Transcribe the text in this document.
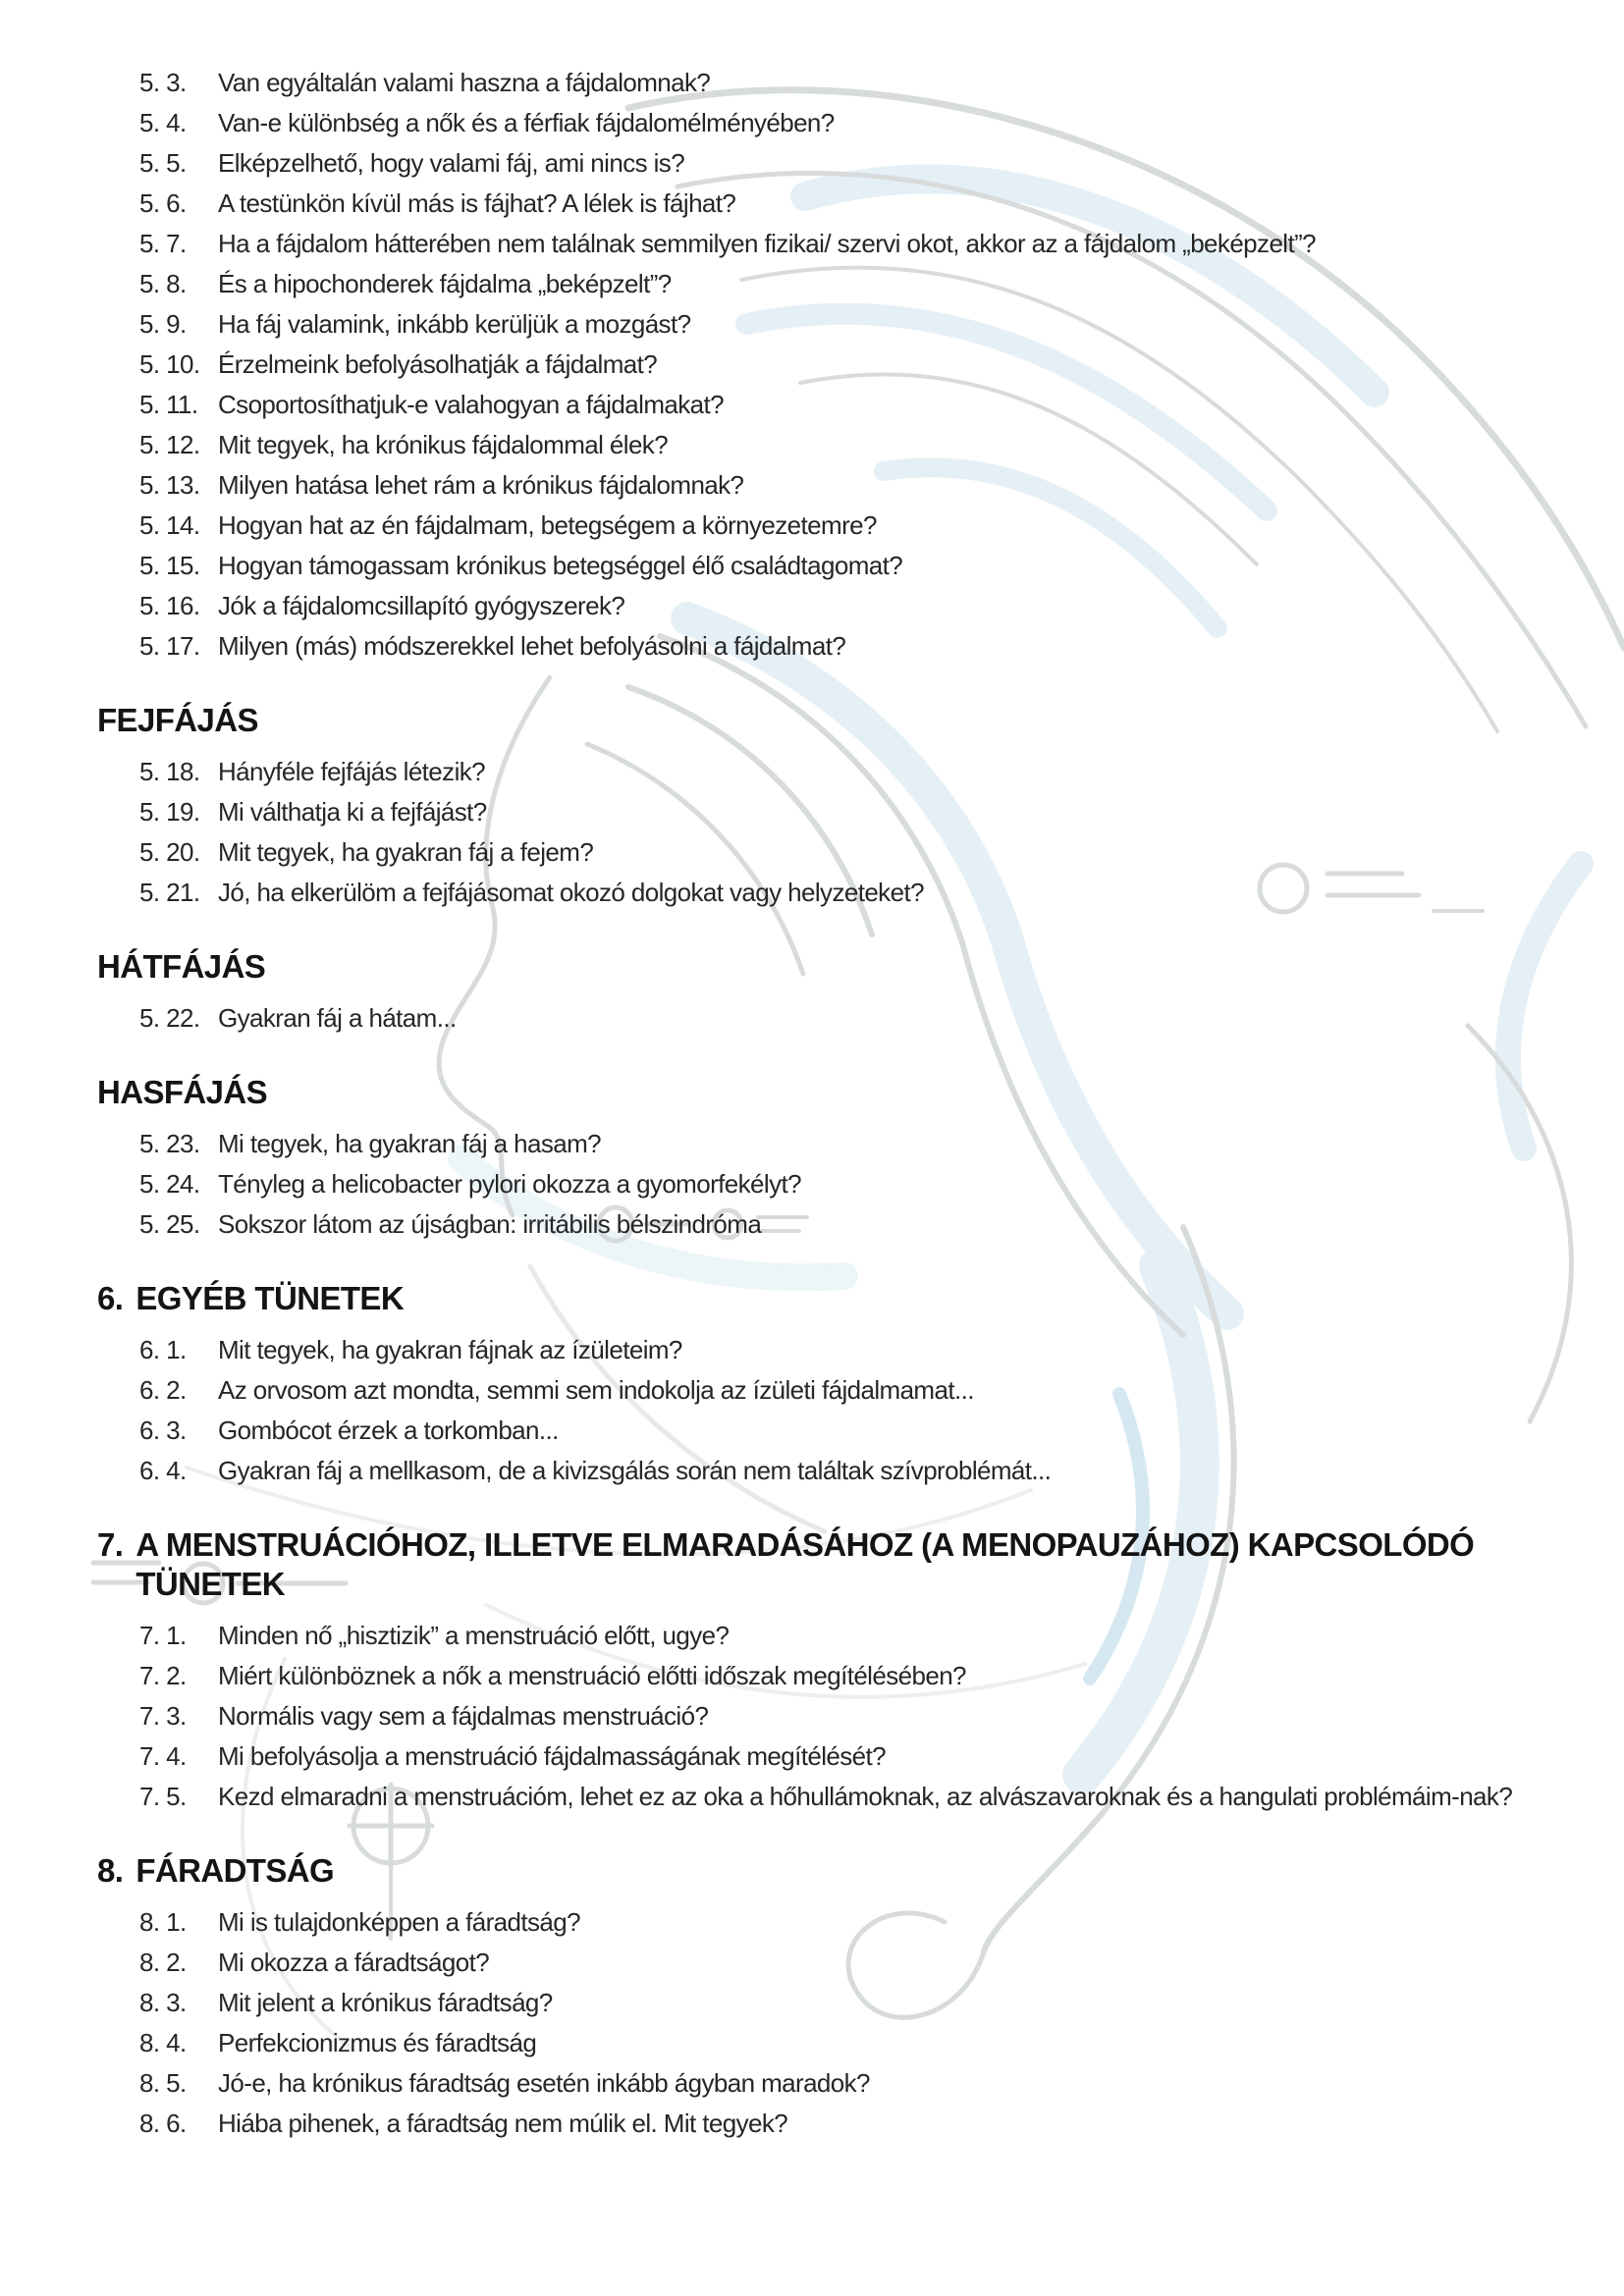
5. 3.	Van egyáltalán valami haszna a fájdalomnak?
5. 4.	Van-e különbség a nők és a férfiak fájdalomélményében?
5. 5.	Elképzelhető, hogy valami fáj, ami nincs is?
5. 6.	A testünkön kívül más is fájhat? A lélek is fájhat?
5. 7.	Ha a fájdalom hátterében nem találnak semmilyen fizikai/ szervi okot, akkor az a fájdalom „beképzelt”?
5. 8.	És a hipochonderek fájdalma „beképzelt”?
5. 9.	Ha fáj valamink, inkább kerüljük a mozgást?
5. 10. Érzelmeink befolyásolhatják a fájdalmat?
5. 11. Csoportosíthatjuk-e valahogyan a fájdalmakat?
5. 12. Mit tegyek, ha krónikus fájdalommal élek?
5. 13. Milyen hatása lehet rám a krónikus fájdalomnak?
5. 14. Hogyan hat az én fájdalmam, betegségem a környezetemre?
5. 15. Hogyan támogassam krónikus betegséggel élő családtagomat?
5. 16. Jók a fájdalomcsillapító gyógyszerek?
5. 17. Milyen (más) módszerekkel lehet befolyásolni a fájdalmat?
FEJFÁJÁS
5. 18. Hányféle fejfájás létezik?
5. 19. Mi válthatja ki a fejfájást?
5. 20. Mit tegyek, ha gyakran fáj a fejem?
5. 21. Jó, ha elkerülöm a fejfájásomat okozó dolgokat vagy helyzeteket?
HÁTFÁJÁS
5. 22. Gyakran fáj a hátam...
HASFÁJÁS
5. 23. Mi tegyek, ha gyakran fáj a hasam?
5. 24. Tényleg a helicobacter pylori okozza a gyomorfekélyt?
5. 25. Sokszor látom az újságban: irritábilis bélszindróma
6. EGYÉB TÜNETEK
6. 1.	Mit tegyek, ha gyakran fájnak az ízületeim?
6. 2.	Az orvosom azt mondta, semmi sem indokolja az ízületi fájdalmamat...
6. 3.	Gombócot érzek a torkomban...
6. 4.	Gyakran fáj a mellkasom, de a kivizsgálás során nem találtak szívproblémát...
7. A MENSTRUÁCIÓHOZ, ILLETVE ELMARADÁSÁHOZ (A MENOPAUZÁHOZ) KAPCSOLÓDÓ TÜNETEK
7. 1.	Minden nő „hisztizik” a menstruáció előtt, ugye?
7. 2.	Miért különböznek a nők a menstruáció előtti időszak megítélésében?
7. 3.	Normális vagy sem a fájdalmas menstruáció?
7. 4.	Mi befolyásolja a menstruáció fájdalmasságának megítélését?
7. 5.	Kezd elmaradni a menstruációm, lehet ez az oka a hőhullámoknak, az alvászavaroknak és a hangulati problémáim-nak?
8. FÁRADTSÁG
8. 1.	Mi is tulajdonképpen a fáradtság?
8. 2.	Mi okozza a fáradtságot?
8. 3.	Mit jelent a krónikus fáradtság?
8. 4.	Perfekcionizmus és fáradtság
8. 5.	Jó-e, ha krónikus fáradtság esetén inkább ágyban maradok?
8. 6.	Hiába pihenek, a fáradtság nem múlik el. Mit tegyek?
